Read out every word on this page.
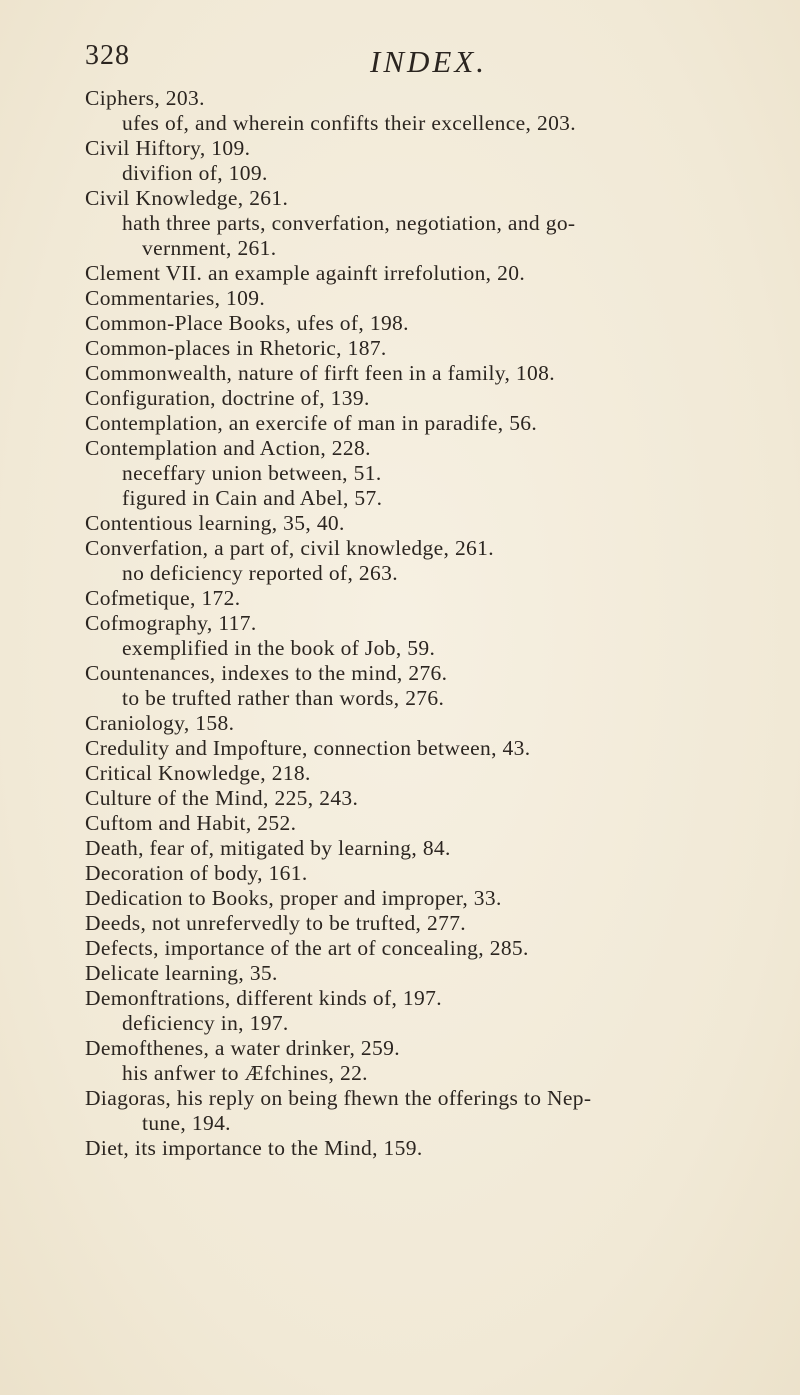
328	INDEX.
Ciphers, 203.
ufes of, and wherein confifts their excellence, 203.
Civil Hiftory, 109.
divifion of, 109.
Civil Knowledge, 261.
hath three parts, converfation, negotiation, and go-
vernment, 261.
Clement VII. an example againft irrefolution, 20.
Commentaries, 109.
Common-Place Books, ufes of, 198.
Common-places in Rhetoric, 187.
Commonwealth, nature of firft feen in a family, 108.
Configuration, doctrine of, 139.
Contemplation, an exercife of man in paradife, 56.
Contemplation and Action, 228.
neceffary union between, 51.
figured in Cain and Abel, 57.
Contentious learning, 35, 40.
Converfation, a part of, civil knowledge, 261.
no deficiency reported of, 263.
Cofmetique, 172.
Cofmography, 117.
exemplified in the book of Job, 59.
Countenances, indexes to the mind, 276.
to be trufted rather than words, 276.
Craniology, 158.
Credulity and Impofture, connection between, 43.
Critical Knowledge, 218.
Culture of the Mind, 225, 243.
Cuftom and Habit, 252.
Death, fear of, mitigated by learning, 84.
Decoration of body, 161.
Dedication to Books, proper and improper, 33.
Deeds, not unrefervedly to be trufted, 277.
Defects, importance of the art of concealing, 285.
Delicate learning, 35.
Demonftrations, different kinds of, 197.
deficiency in, 197.
Demofthenes, a water drinker, 259.
his anfwer to Æfchines, 22.
Diagoras, his reply on being fhewn the offerings to Nep-
tune, 194.
Diet, its importance to the Mind, 159.
